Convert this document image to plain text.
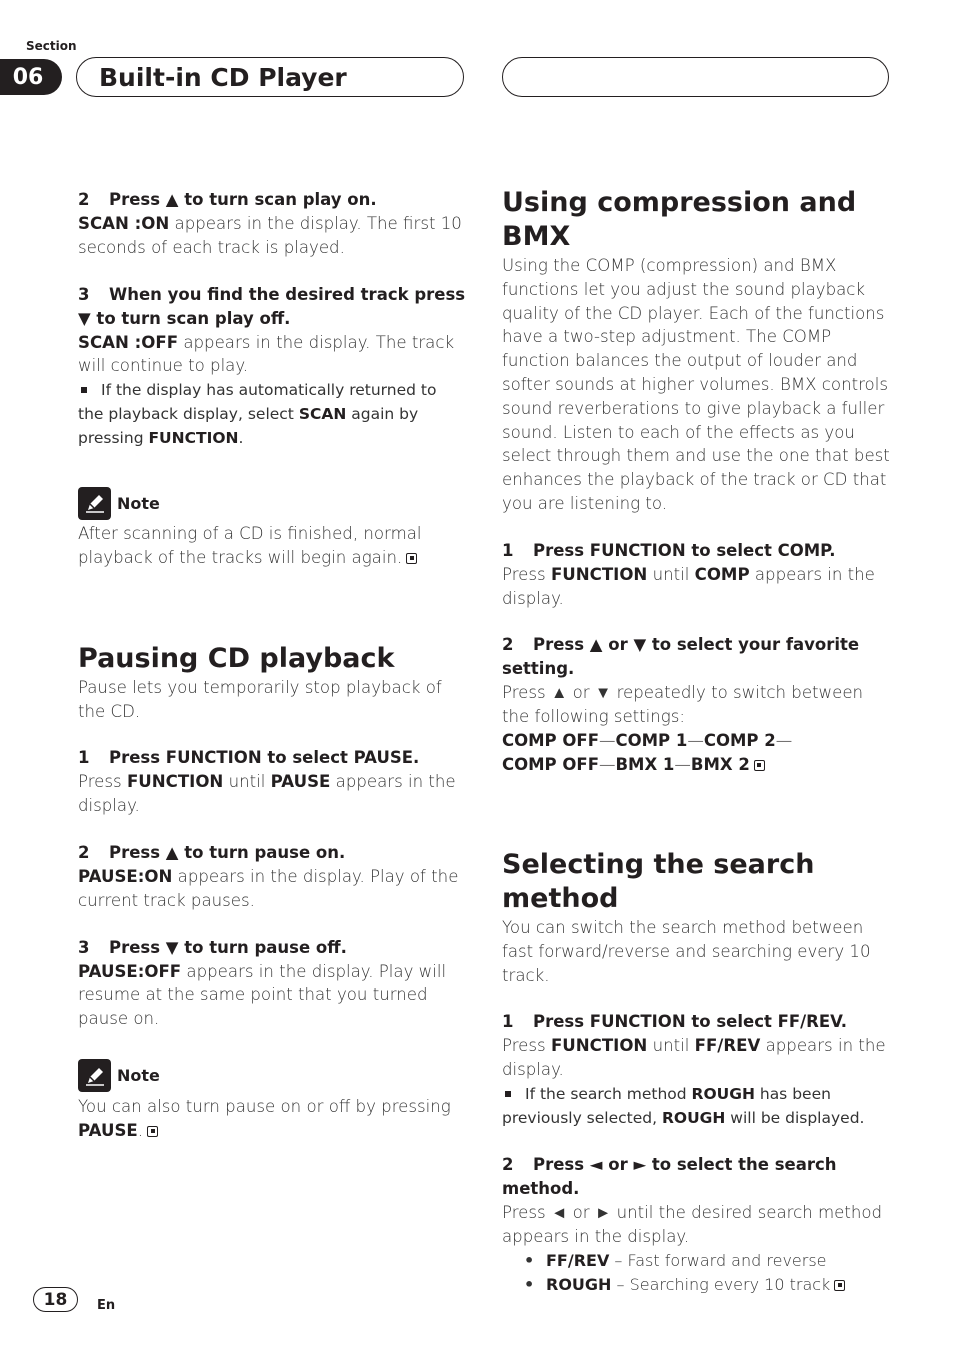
Section
06	Built-in CD Player
2 Press ▲ to turn scan play on.
SCAN :ON appears in the display. The first 10 seconds of each track is played.
3 When you find the desired track press ▼ to turn scan play off.
SCAN :OFF appears in the display. The track will continue to play.
If the display has automatically returned to the playback display, select SCAN again by pressing FUNCTION.
Note
After scanning of a CD is finished, normal playback of the tracks will begin again.
Pausing CD playback
Pause lets you temporarily stop playback of the CD.
1 Press FUNCTION to select PAUSE.
Press FUNCTION until PAUSE appears in the display.
2 Press ▲ to turn pause on.
PAUSE:ON appears in the display. Play of the current track pauses.
3 Press ▼ to turn pause off.
PAUSE:OFF appears in the display. Play will resume at the same point that you turned pause on.
Note
You can also turn pause on or off by pressing PAUSE.
Using compression and BMX
Using the COMP (compression) and BMX functions let you adjust the sound playback quality of the CD player. Each of the functions have a two-step adjustment. The COMP function balances the output of louder and softer sounds at higher volumes. BMX controls sound reverberations to give playback a fuller sound. Listen to each of the effects as you select through them and use the one that best enhances the playback of the track or CD that you are listening to.
1 Press FUNCTION to select COMP.
Press FUNCTION until COMP appears in the display.
2 Press ▲ or ▼ to select your favorite setting.
Press ▲ or ▼ repeatedly to switch between the following settings:
COMP OFF—COMP 1—COMP 2—
COMP OFF—BMX 1—BMX 2
Selecting the search method
You can switch the search method between fast forward/reverse and searching every 10 track.
1 Press FUNCTION to select FF/REV.
Press FUNCTION until FF/REV appears in the display.
If the search method ROUGH has been previously selected, ROUGH will be displayed.
2 Press ◄ or ► to select the search method.
Press ◄ or ► until the desired search method appears in the display.
• FF/REV – Fast forward and reverse
• ROUGH – Searching every 10 track
18	En
